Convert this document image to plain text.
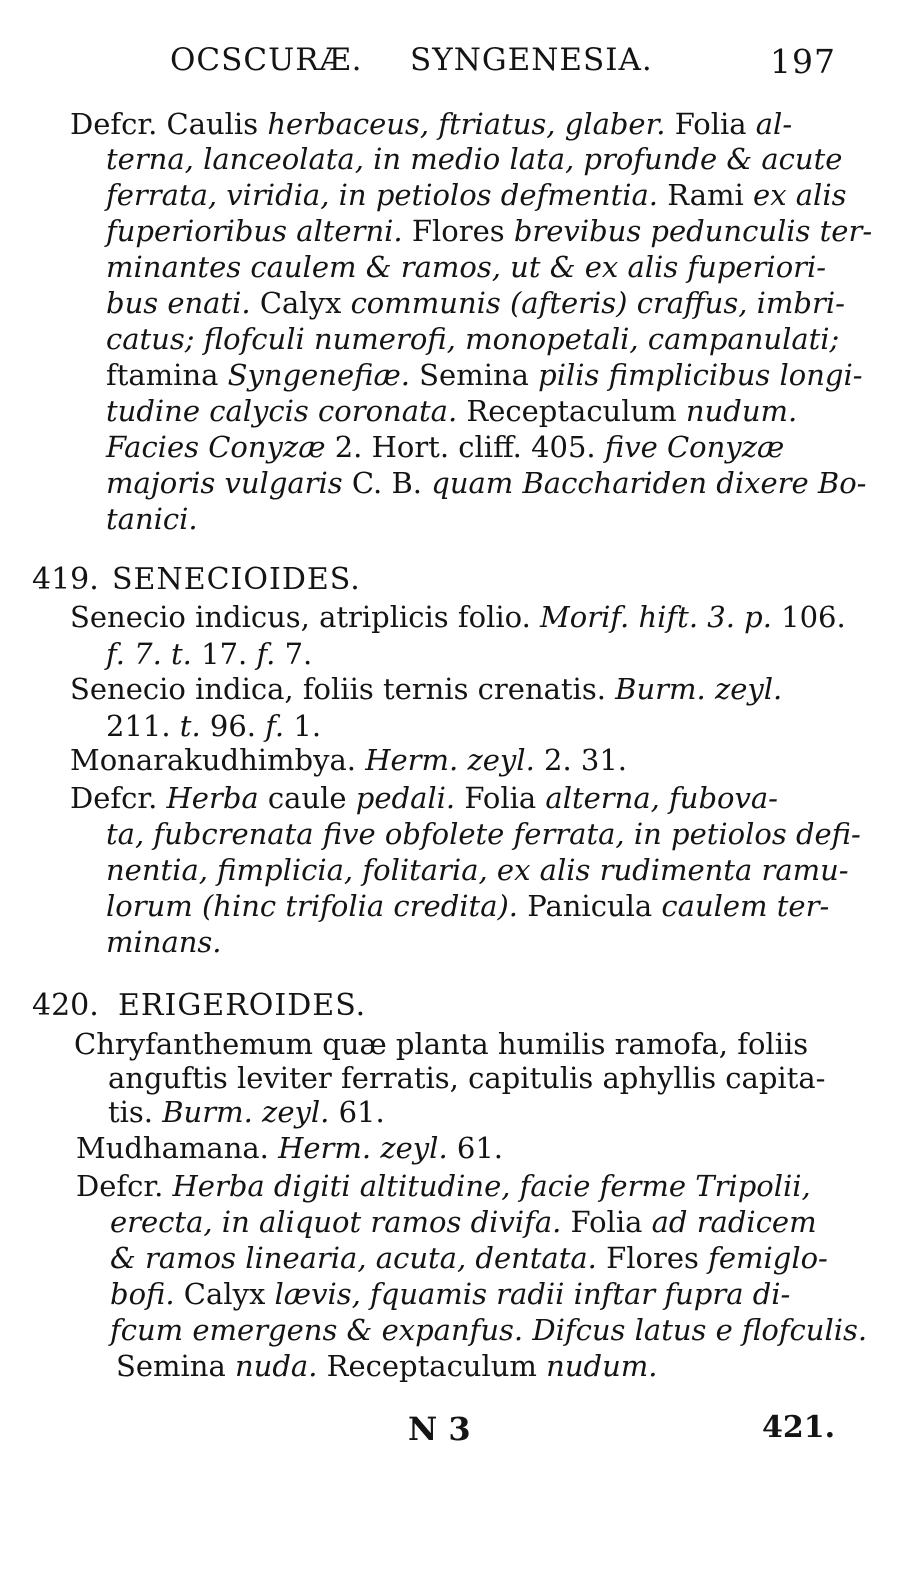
OCSCURÆ. SYNGENESIA.	197
Defcr. Caulis herbaceus, ftriatus, glaber. Folia al-
terna, lanceolata, in medio lata, profunde & acute
ferrata, viridia, in petiolos defmentia. Rami ex alis
fuperioribus alterni. Flores brevibus pedunculis ter-
minantes caulem & ramos, ut & ex alis fuperiori-
bus enati. Calyx communis (afteris) craffus, imbri-
catus; flofculi numerofi, monopetali, campanulati;
ftamina Syngenefiæ. Semina pilis fimplicibus longi-
tudine calycis coronata. Receptaculum nudum.
Facies Conyzæ 2. Hort. cliff. 405. five Conyzæ
majoris vulgaris C. B. quam Bacchariden dixere Bo-
tanici.
419. SENECIOIDES.
Senecio indicus, atriplicis folio. Morif. hift. 3. p. 106.
f. 7. t. 17. f. 7.
Senecio indica, foliis ternis crenatis. Burm. zeyl.
211. t. 96. f. 1.
Monarakudhimbya. Herm. zeyl. 2. 31.
Defcr. Herba caule pedali. Folia alterna, fubova-
ta, fubcrenata five obfolete ferrata, in petiolos defi-
nentia, fimplicia, folitaria, ex alis rudimenta ramu-
lorum (hinc trifolia credita). Panicula caulem ter-
minans.
420. ERIGEROIDES.
Chryfanthemum quæ planta humilis ramofa, foliis
anguftis leviter ferratis, capitulis aphyllis capita-
tis. Burm. zeyl. 61.
Mudhamana. Herm. zeyl. 61.
Defcr. Herba digiti altitudine, facie ferme Tripolii,
erecta, in aliquot ramos divifa. Folia ad radicem
& ramos linearia, acuta, dentata. Flores femiglo-
bofi. Calyx lævis, fquamis radii inftar fupra di-
fcum emergens & expanfus. Difcus latus e flofculis.
Semina nuda. Receptaculum nudum.
N 3	421.
